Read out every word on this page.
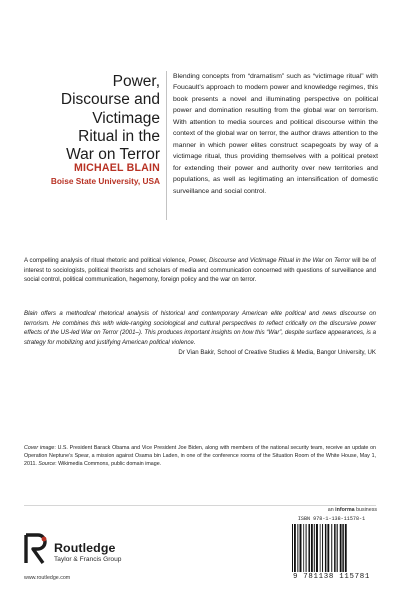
Power,
Discourse and
Victimage
Ritual in the
War on Terror
MICHAEL BLAIN
Boise State University, USA

Blending concepts from “dramatism” such as “victimage ritual” with Foucault’s approach to modern power and knowledge regimes, this book presents a novel and illuminating perspective on political power and domination resulting from the global war on terrorism. With attention to media sources and political discourse within the context of the global war on terror, the author draws attention to the manner in which power elites construct scapegoats by way of a victimage ritual, thus providing themselves with a political pretext for extending their power and authority over new territories and populations, as well as legitimating an intensification of domestic surveillance and social control.

A compelling analysis of ritual rhetoric and political violence, Power, Discourse and Victimage Ritual in the War on Terror will be of interest to sociologists, political theorists and scholars of media and communication concerned with questions of surveillance and social control, political communication, hegemony, foreign policy and the war on terror.

Blain offers a methodical rhetorical analysis of historical and contemporary American elite political and news discourse on terrorism. He combines this with wide-ranging sociological and cultural perspectives to reflect critically on the discursive power effects of the US-led War on Terror (2001–). This produces important insights on how this “War”, despite surface appearances, is a strategy for mobilizing and justifying American political violence.

Dr Vian Bakir, School of Creative Studies & Media, Bangor University, UK

Cover image: U.S. President Barack Obama and Vice President Joe Biden, along with members of the national security team, receive an update on Operation Neptune’s Spear, a mission against Osama bin Laden, in one of the conference rooms of the Situation Room of the White House, May 1, 2011. Source: Wikimedia Commons, public domain image.

Routledge
Taylor & Francis Group
www.routledge.com
an informa business
ISBN 978-1-138-11578-1
9 781138 115781
